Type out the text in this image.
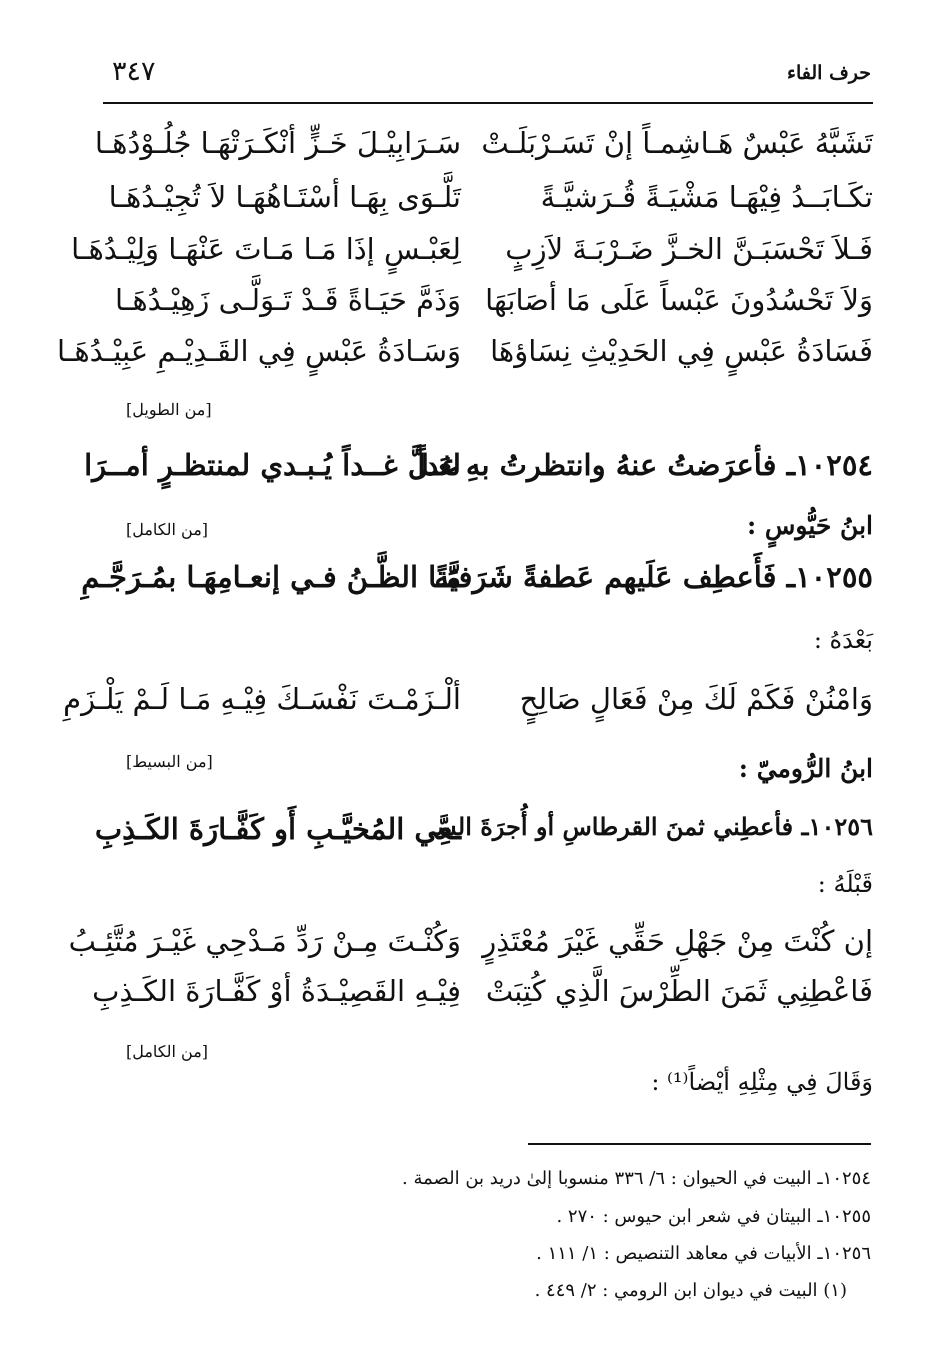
٣٤٧	حرف الفاء
تَشَبَّهُ عَبْسٌ هَـاشِمـاً إنْ تَسَـرْبَلَـتْ
سَـرَابِيْـلَ خَـزٍّ أنْكَـرَتْهَـا جُلُـوْدُهَـا
تكَـابَــدُ فِيْهَـا مَشْيَـةً قُـرَشيَّـةً
تَلَّـوَى بِهَـا أسْتَـاهُهَـا لاَ تُجِيْـدُهَـا
فَـلاَ تَحْسَبَـنَّ الخـزَّ ضَـرْبَـةَ لاَزِبٍ
لِعَبْـسٍ إذَا مَـا مَـاتَ عَنْهَـا وَلِيْـدُهَـا
وَلاَ تَحْسُدُونَ عَبْساً عَلَى مَا أصَابَهَا
وَذَمَّ حَيَـاةً قَـدْ تَـوَلَّـى زَهِيْـدُهَـا
فَسَادَةُ عَبْسٍ فِي الحَدِيْثِ نِسَاؤهَا
وَسَـادَةُ عَبْسٍ فِي القَـدِيْـمِ عَبِيْـدُهَـا
[من الطويل]
١٠٢٥٤ـ فأعرَضتُ عنهُ وانتظرتُ بهِ غداً
لعَـلَّ غــداً يُـبـدي لمنتظـرٍ أمــرَا
ابنُ حَيُّوسٍ :
[من الكامل]
١٠٢٥٥ـ فَأَعطِف عَلَيهم عَطفةً شَرَفيَّةً
مَـا الظَّـنُ فـي إنعـامِهَـا بمُـرَجَّـمِ
بَعْدَهُ :
وَامْنُنْ فَكَمْ لَكَ مِنْ فَعَالٍ صَالِحٍ
ألْـزَمْـتَ نَفْسَـكَ فِيْـهِ مَـا لَـمْ يَلْـزَمِ
[من البسيط]	ابنُ الرُّوميّ :
١٠٢٥٦ـ فأعطِني ثمنَ القرطاسِ أو أُجرَةَ السَّـ
ـعِي المُخيَّـبِ أَو كَفَّـارَةَ الكَـذِبِ
قَبْلَهُ :
إن كُنْتَ مِنْ جَهْلِ حَقِّي غَيْرَ مُعْتَذِرٍ
وَكُنْـتَ مِـنْ رَدِّ مَـدْحِي غَيْـرَ مُتَّئِـبُ
فَاعْطِنِي ثَمَنَ الطِّرْسَ الَّذِي كُتِبَتْ
فِيْـهِ القَصِيْـدَةُ أوْ كَفَّـارَةَ الكَـذِبِ
[من الكامل]
وَقَالَ فِي مِثْلِهِ أيْضاً⁽¹⁾ :
١٠٢٥٤ـ البيت في الحيوان : ٦/ ٣٣٦ منسوبا إلىٰ دريد بن الصمة .
١٠٢٥٥ـ البيتان في شعر ابن حيوس : ٢٧٠ .
١٠٢٥٦ـ الأبيات في معاهد التنصيص : ١/ ١١١ .
(١) البيت في ديوان ابن الرومي : ٢/ ٤٤٩ .
